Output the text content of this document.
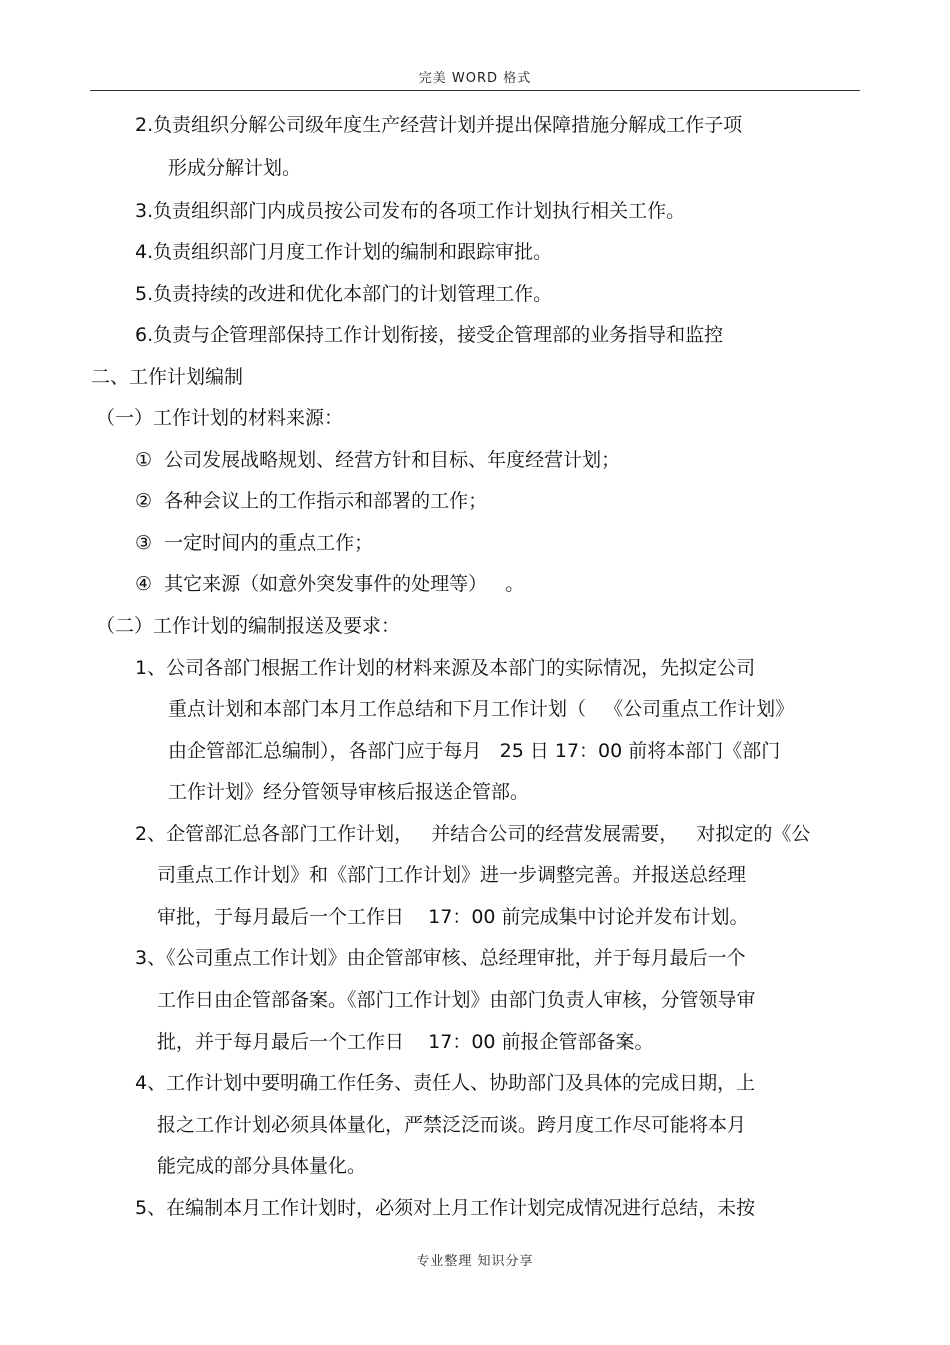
完美 WORD 格式
2.负责组织分解公司级年度生产经营计划并提出保障措施分解成工作子项
形成分解计划。
3.负责组织部门内成员按公司发布的各项工作计划执行相关工作。
4.负责组织部门月度工作计划的编制和跟踪审批。
5.负责持续的改进和优化本部门的计划管理工作。
6.负责与企管理部保持工作计划衔接，接受企管理部的业务指导和监控
二、工作计划编制
（一）工作计划的材料来源：
①  公司发展战略规划、经营方针和目标、年度经营计划；
②  各种会议上的工作指示和部署的工作；
③  一定时间内的重点工作；
④  其它来源（如意外突发事件的处理等）   。
（二）工作计划的编制报送及要求：
1、公司各部门根据工作计划的材料来源及本部门的实际情况，先拟定公司
重点计划和本部门本月工作总结和下月工作计划（   《公司重点工作计划》
由企管部汇总编制），各部门应于每月   25 日 17：00 前将本部门《部门
工作计划》经分管领导审核后报送企管部。
2、企管部汇总各部门工作计划，   并结合公司的经营发展需要，   对拟定的《公
司重点工作计划》和《部门工作计划》进一步调整完善。并报送总经理
审批，于每月最后一个工作日    17：00 前完成集中讨论并发布计划。
3、《公司重点工作计划》由企管部审核、总经理审批，并于每月最后一个
工作日由企管部备案。《部门工作计划》由部门负责人审核，分管领导审
批，并于每月最后一个工作日    17：00 前报企管部备案。
4、工作计划中要明确工作任务、责任人、协助部门及具体的完成日期，上
报之工作计划必须具体量化，严禁泛泛而谈。跨月度工作尽可能将本月
能完成的部分具体量化。
5、在编制本月工作计划时，必须对上月工作计划完成情况进行总结，未按
专业整理 知识分享
